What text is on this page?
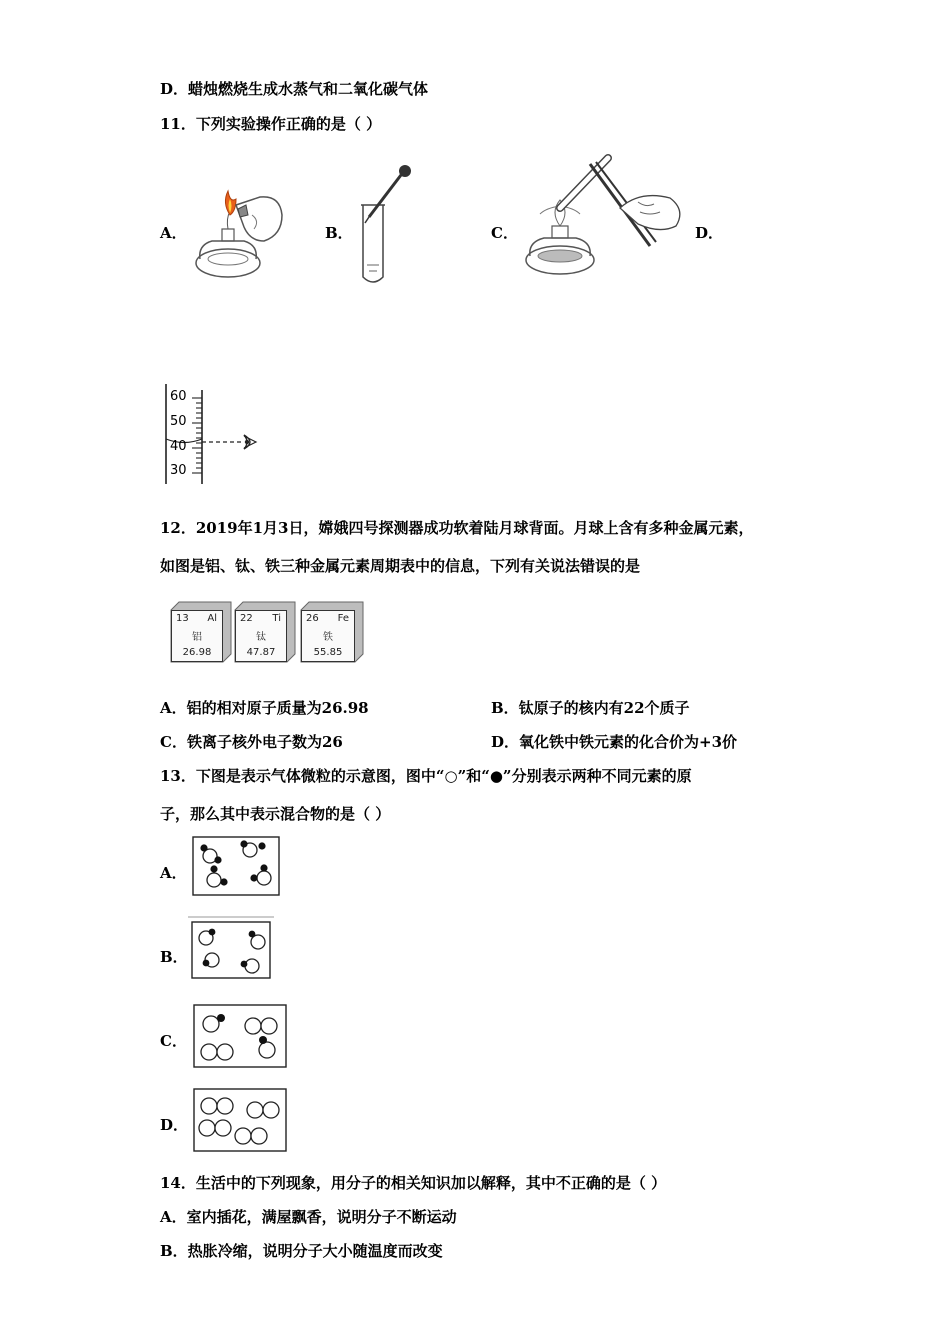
D．蜡烛燃烧生成水蒸气和二氧化碳气体
11．下列实验操作正确的是（ ）
A．	B．	C．	D．
60
50
40
30
12．2019年1月3日，嫦娥四号探测器成功软着陆月球背面。月球上含有多种金属元素，
如图是铝、钛、铁三种金属元素周期表中的信息，下列有关说法错误的是
13 Al
铝
26.98
22 Ti
钛
47.87
26 Fe
铁
55.85
A．铝的相对原子质量为26.98	B．钛原子的核内有22个质子
C．铁离子核外电子数为26	D．氧化铁中铁元素的化合价为+3价
13．下图是表示气体微粒的示意图，图中“○”和“●”分别表示两种不同元素的原
子，那么其中表示混合物的是（ ）
A．
B．
C．
D．
14．生活中的下列现象，用分子的相关知识加以解释，其中不正确的是（ ）
A．室内插花，满屋飘香，说明分子不断运动
B．热胀冷缩，说明分子大小随温度而改变
